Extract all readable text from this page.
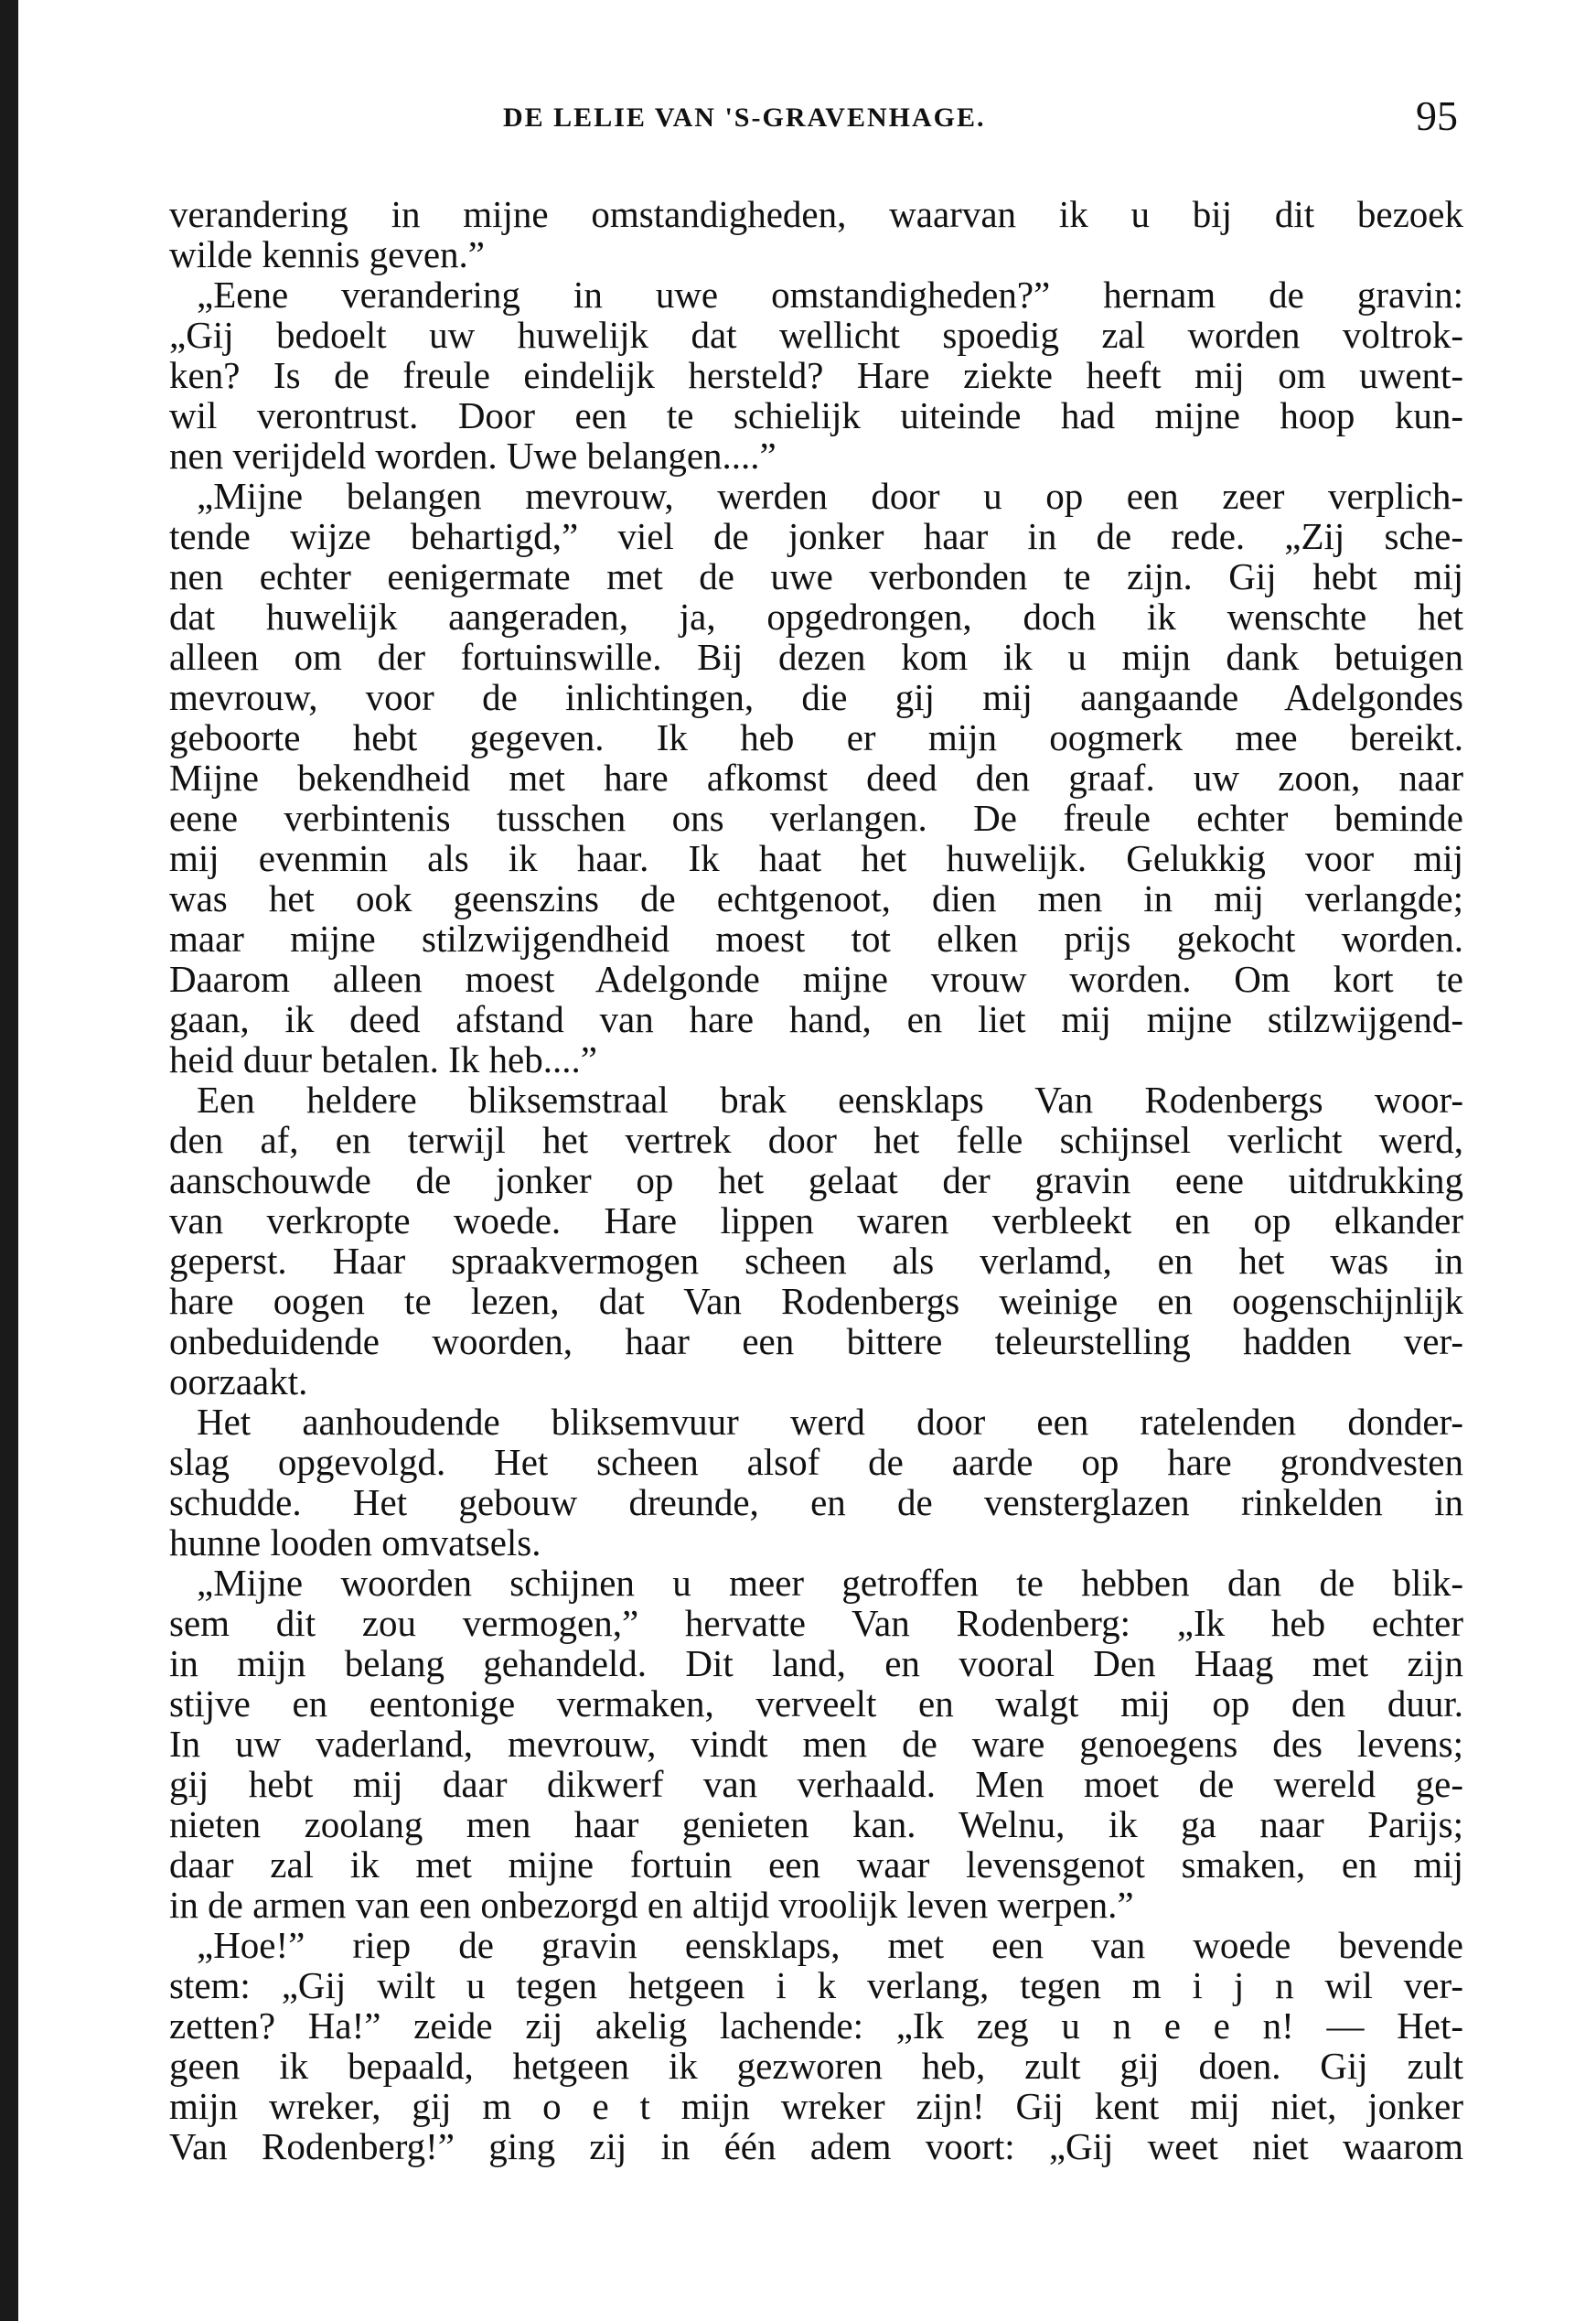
DE LELIE VAN 'S-GRAVENHAGE.	95
verandering in mijne omstandigheden, waarvan ik u bij dit bezoek
wilde kennis geven.”
„Eene verandering in uwe omstandigheden?” hernam de gravin:
„Gij bedoelt uw huwelijk dat wellicht spoedig zal worden voltrok-
ken? Is de freule eindelijk hersteld? Hare ziekte heeft mij om uwent-
wil verontrust. Door een te schielijk uiteinde had mijne hoop kun-
nen verijdeld worden. Uwe belangen....”
„Mijne belangen mevrouw, werden door u op een zeer verplich-
tende wijze behartigd,” viel de jonker haar in de rede. „Zij sche-
nen echter eenigermate met de uwe verbonden te zijn. Gij hebt mij
dat huwelijk aangeraden, ja, opgedrongen, doch ik wenschte het
alleen om der fortuinswille. Bij dezen kom ik u mijn dank betuigen
mevrouw, voor de inlichtingen, die gij mij aangaande Adelgondes
geboorte hebt gegeven. Ik heb er mijn oogmerk mee bereikt.
Mijne bekendheid met hare afkomst deed den graaf. uw zoon, naar
eene verbintenis tusschen ons verlangen. De freule echter beminde
mij evenmin als ik haar. Ik haat het huwelijk. Gelukkig voor mij
was het ook geenszins de echtgenoot, dien men in mij verlangde;
maar mijne stilzwijgendheid moest tot elken prijs gekocht worden.
Daarom alleen moest Adelgonde mijne vrouw worden. Om kort te
gaan, ik deed afstand van hare hand, en liet mij mijne stilzwijgend-
heid duur betalen. Ik heb....”
Een heldere bliksemstraal brak eensklaps Van Rodenbergs woor-
den af, en terwijl het vertrek door het felle schijnsel verlicht werd,
aanschouwde de jonker op het gelaat der gravin eene uitdrukking
van verkropte woede. Hare lippen waren verbleekt en op elkander
geperst. Haar spraakvermogen scheen als verlamd, en het was in
hare oogen te lezen, dat Van Rodenbergs weinige en oogenschijnlijk
onbeduidende woorden, haar een bittere teleurstelling hadden ver-
oorzaakt.
Het aanhoudende bliksemvuur werd door een ratelenden donder-
slag opgevolgd. Het scheen alsof de aarde op hare grondvesten
schudde. Het gebouw dreunde, en de vensterglazen rinkelden in
hunne looden omvatsels.
„Mijne woorden schijnen u meer getroffen te hebben dan de blik-
sem dit zou vermogen,” hervatte Van Rodenberg: „Ik heb echter
in mijn belang gehandeld. Dit land, en vooral Den Haag met zijn
stijve en eentonige vermaken, verveelt en walgt mij op den duur.
In uw vaderland, mevrouw, vindt men de ware genoegens des levens;
gij hebt mij daar dikwerf van verhaald. Men moet de wereld ge-
nieten zoolang men haar genieten kan. Welnu, ik ga naar Parijs;
daar zal ik met mijne fortuin een waar levensgenot smaken, en mij
in de armen van een onbezorgd en altijd vroolijk leven werpen.”
„Hoe!” riep de gravin eensklaps, met een van woede bevende
stem: „Gij wilt u tegen hetgeen i k verlang, tegen m i j n wil ver-
zetten? Ha!” zeide zij akelig lachende: „Ik zeg u n e e n! — Het-
geen ik bepaald, hetgeen ik gezworen heb, zult gij doen. Gij zult
mijn wreker, gij m o e t mijn wreker zijn! Gij kent mij niet, jonker
Van Rodenberg!” ging zij in één adem voort: „Gij weet niet waarom
